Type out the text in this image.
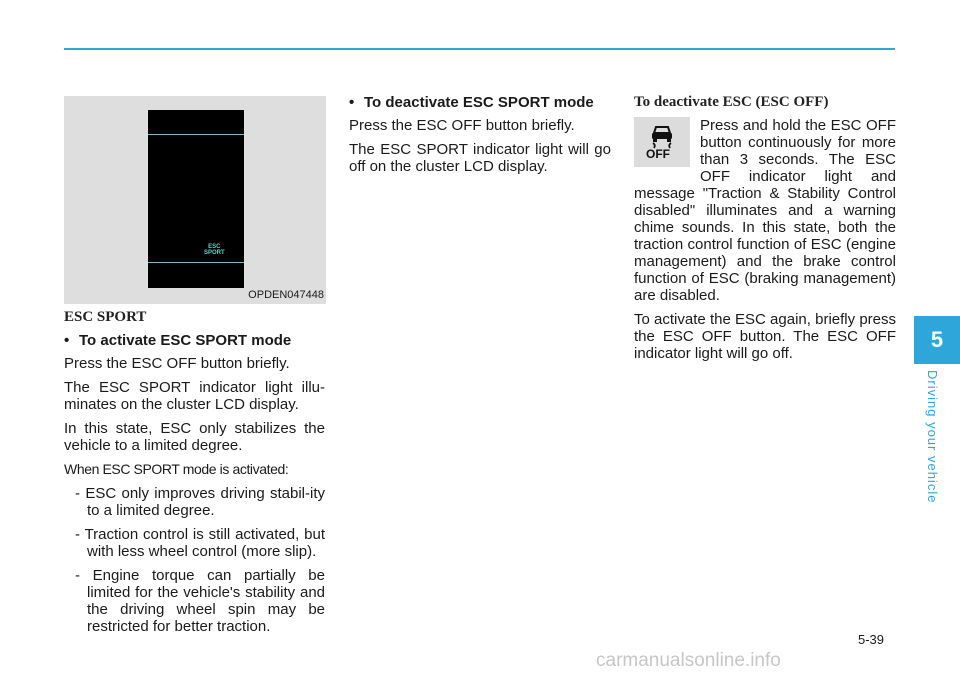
ESC
SPORT
OPDEN047448
ESC SPORT
• To activate ESC SPORT mode

Press the ESC OFF button briefly.

The ESC SPORT indicator light illu-minates on the cluster LCD display.

In this state, ESC only stabilizes the vehicle to a limited degree.

When ESC SPORT mode is activated:

- ESC only improves driving stabil-ity to a limited degree.

- Traction control is still activated, but with less wheel control (more slip).

- Engine torque can partially be limited for the vehicle's stability and the driving wheel spin may be restricted for better traction.

• To deactivate ESC SPORT mode

Press the ESC OFF button briefly.

The ESC SPORT indicator light will go off on the cluster LCD display.

To deactivate ESC (ESC OFF)
OFF

Press and hold the ESC OFF button continuously for more than 3 seconds. The ESC OFF indicator light and message "Traction & Stability Control disabled" illuminates and a warning chime sounds. In this state, both the traction control function of ESC (engine management) and the brake control function of ESC (braking management) are disabled.

To activate the ESC again, briefly press the ESC OFF button. The ESC OFF indicator light will go off.

5
Driving your vehicle
5-39
carmanualsonline.info
